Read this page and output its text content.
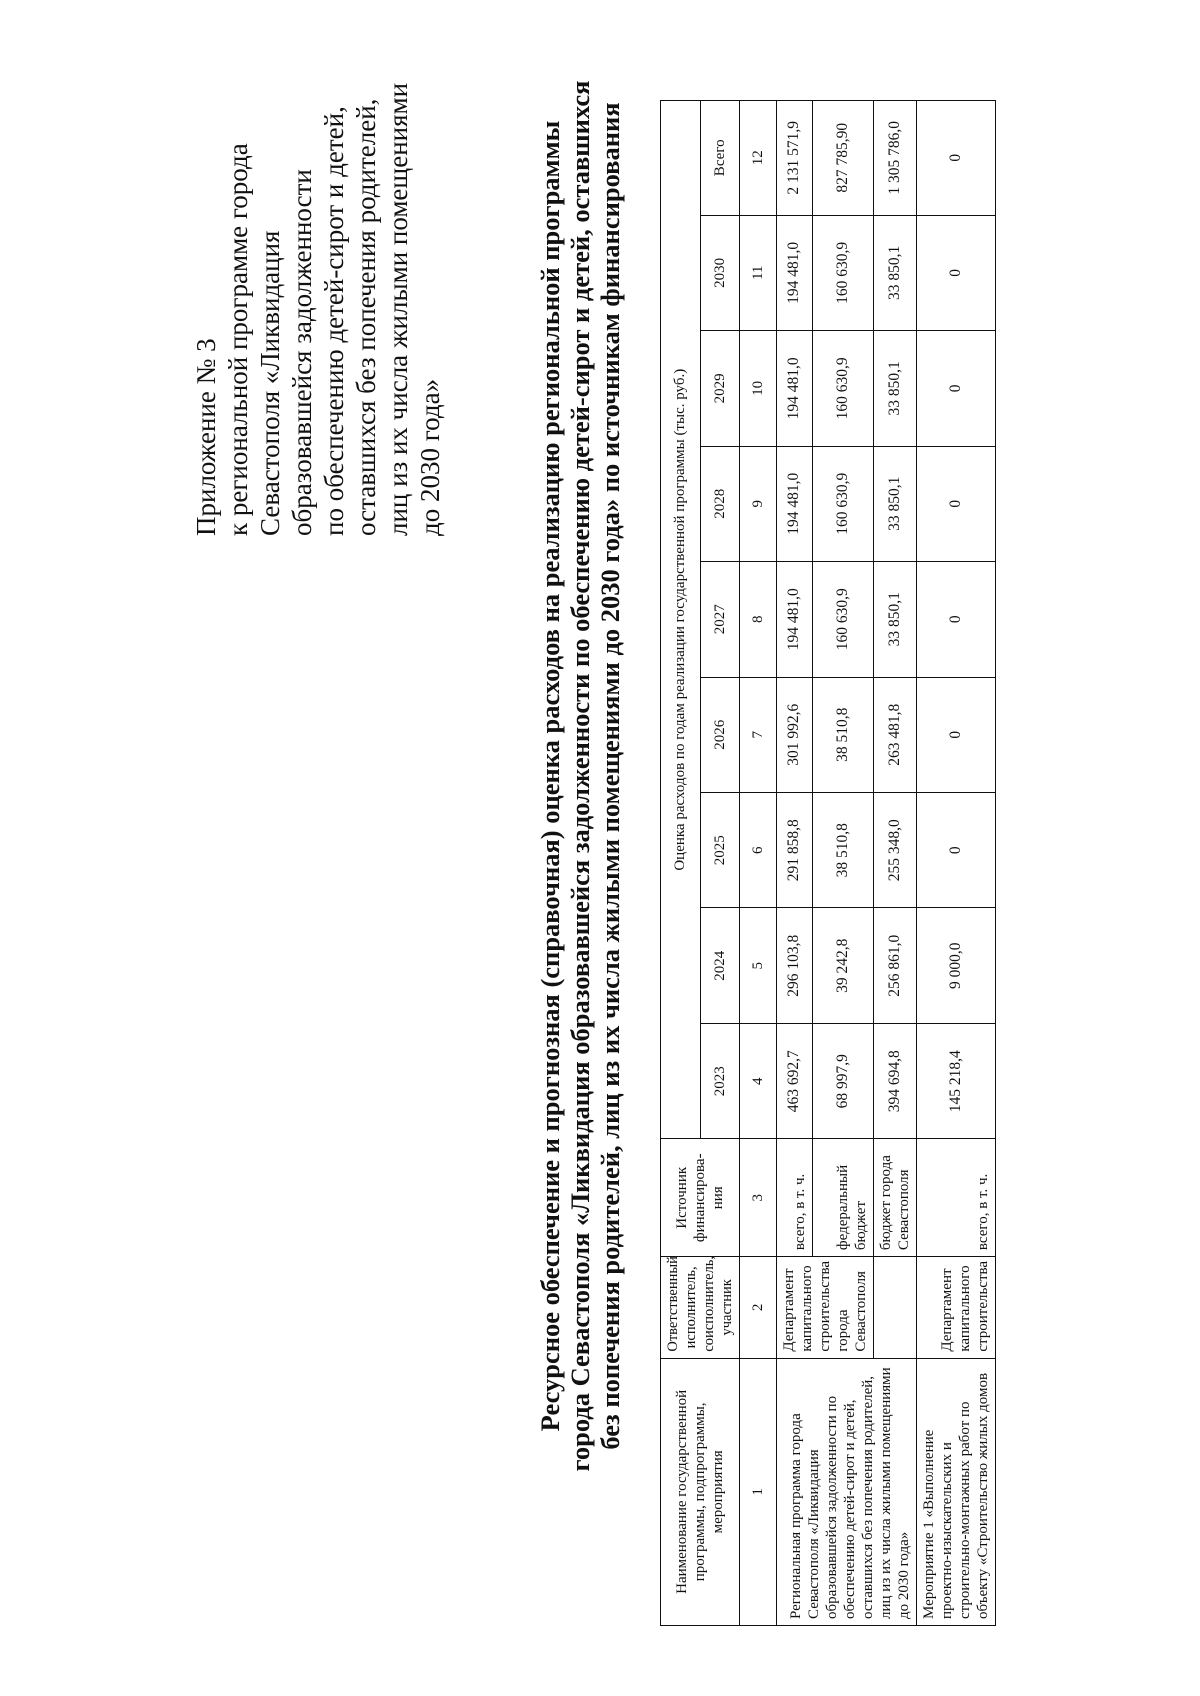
Приложение № 3 к региональной программе города Севастополя «Ликвидация образовавшейся задолженности по обеспечению детей-сирот и детей, оставшихся без попечения родителей, лиц из их числа жилыми помещениями до 2030 года»	Ресурсное обеспечение и прогнозная (справочная) оценка расходов на реализацию региональной программы города Севастополя «Ликвидация образовавшейся задолженности по обеспечению детей-сирот и детей, оставшихся без попечения родителей, лиц из их числа жилыми помещениями до 2030 года» по источникам финансирования
Наименование государственной программы, подпрограммы, мероприятия	Ответственный исполнитель, соисполнитель, участник	Источник финансирова-ния	Оценка расходов по годам реализации государственной программы (тыс. руб.)								
			2023	2024	2025	2026	2027	2028	2029	2030	Всего
1	2	3	4	5	6	7	8	9	10	11	12
Региональная программа города Севастополя «Ликвидация образовавшейся задолженности по обеспечению детей-сирот и детей, оставшихся без попечения родителей, лиц из их числа жилыми помещениями до 2030 года»	Департамент капитального строительства города Севастополя	всего, в т. ч.	463 692,7	296 103,8	291 858,8	301 992,6	194 481,0	194 481,0	194 481,0	194 481,0	2 131 571,9
		федеральный бюджет	68 997,9	39 242,8	38 510,8	38 510,8	160 630,9	160 630,9	160 630,9	160 630,9	827 785,90
		бюджет города Севастополя	394 694,8	256 861,0	255 348,0	263 481,8	33 850,1	33 850,1	33 850,1	33 850,1	1 305 786,0
Мероприятие 1 «Выполнение проектно-изыскательских и строительно-монтажных работ по объекту «Строительство жилых домов	Департамент капитального строительства	всего, в т. ч.	145 218,4	9 000,0	0	0	0	0	0	0	0
